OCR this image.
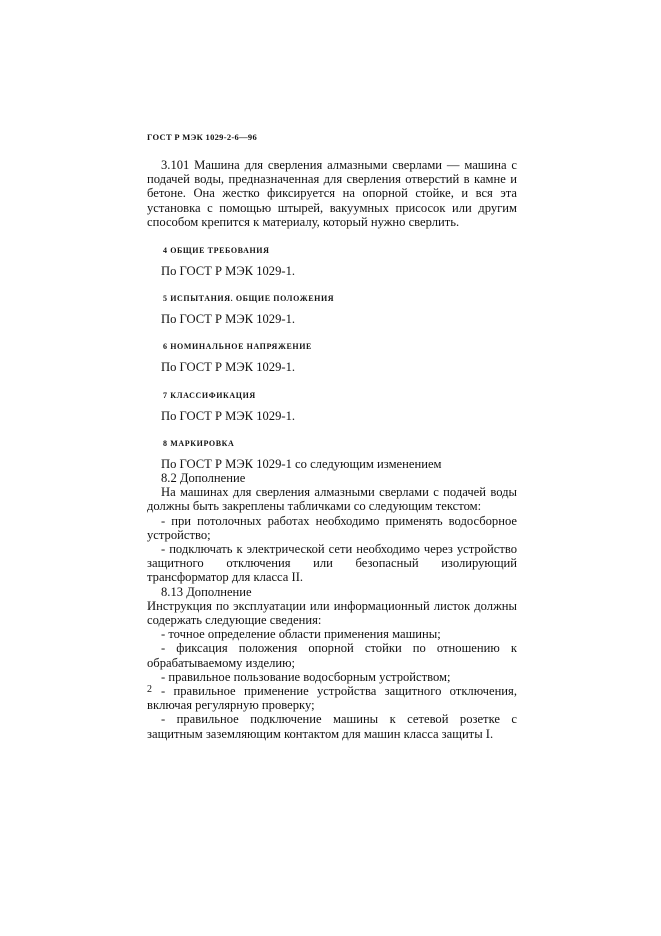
ГОСТ Р МЭК 1029-2-6—96

3.101 Машина для сверления алмазными сверлами — машина с подачей воды, предназначенная для сверления отверстий в камне и бетоне. Она жестко фиксируется на опорной стойке, и вся эта установка с помощью штырей, вакуумных присосок или другим способом крепится к материалу, который нужно сверлить.

4 ОБЩИЕ ТРЕБОВАНИЯ

По ГОСТ Р МЭК 1029-1.

5 ИСПЫТАНИЯ. ОБЩИЕ ПОЛОЖЕНИЯ

По ГОСТ Р МЭК 1029-1.

6 НОМИНАЛЬНОЕ НАПРЯЖЕНИЕ

По ГОСТ Р МЭК 1029-1.

7 КЛАССИФИКАЦИЯ

По ГОСТ Р МЭК 1029-1.

8 МАРКИРОВКА

По ГОСТ Р МЭК 1029-1 со следующим изменением

8.2 Дополнение

На машинах для сверления алмазными сверлами с подачей воды должны быть закреплены табличками со следующим текстом:

- при потолочных работах необходимо применять водосборное устройство;

- подключать к электрической сети необходимо через устройство защитного отключения или безопасный изолирующий трансформатор для класса II.

8.13 Дополнение

Инструкция по эксплуатации или информационный листок должны содержать следующие сведения:

- точное определение области применения машины;

- фиксация положения опорной стойки по отношению к обрабатываемому изделию;

- правильное пользование водосборным устройством;

- правильное применение устройства защитного отключения, включая регулярную проверку;

- правильное подключение машины к сетевой розетке с защитным заземляющим контактом для машин класса защиты I.

2
